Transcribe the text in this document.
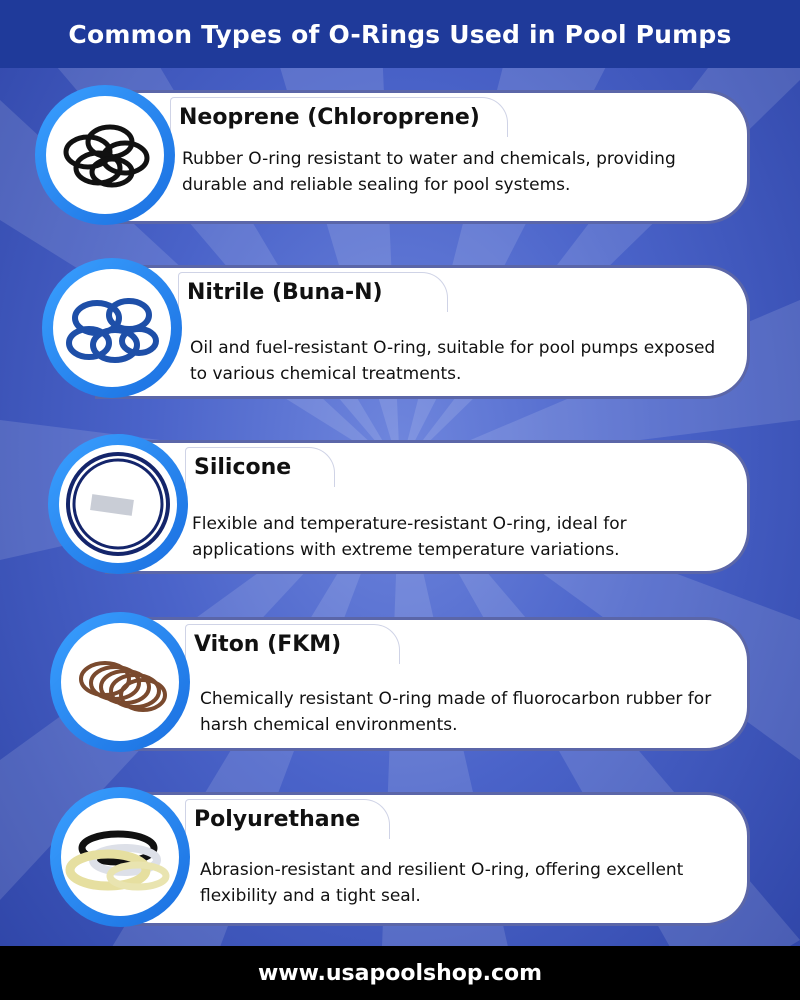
Common Types of O-Rings Used in Pool Pumps
Neoprene (Chloroprene)
Rubber O-ring resistant to water and chemicals, providing durable and reliable sealing for pool systems.
Nitrile (Buna-N)
Oil and fuel-resistant O-ring, suitable for pool pumps exposed to various chemical treatments.
Silicone
Flexible and temperature-resistant O-ring, ideal for applications with extreme temperature variations.
Viton (FKM)
Chemically resistant O-ring made of fluorocarbon rubber for harsh chemical environments.
Polyurethane
Abrasion-resistant and resilient O-ring, offering excellent flexibility and a tight seal.
www.usapoolshop.com
